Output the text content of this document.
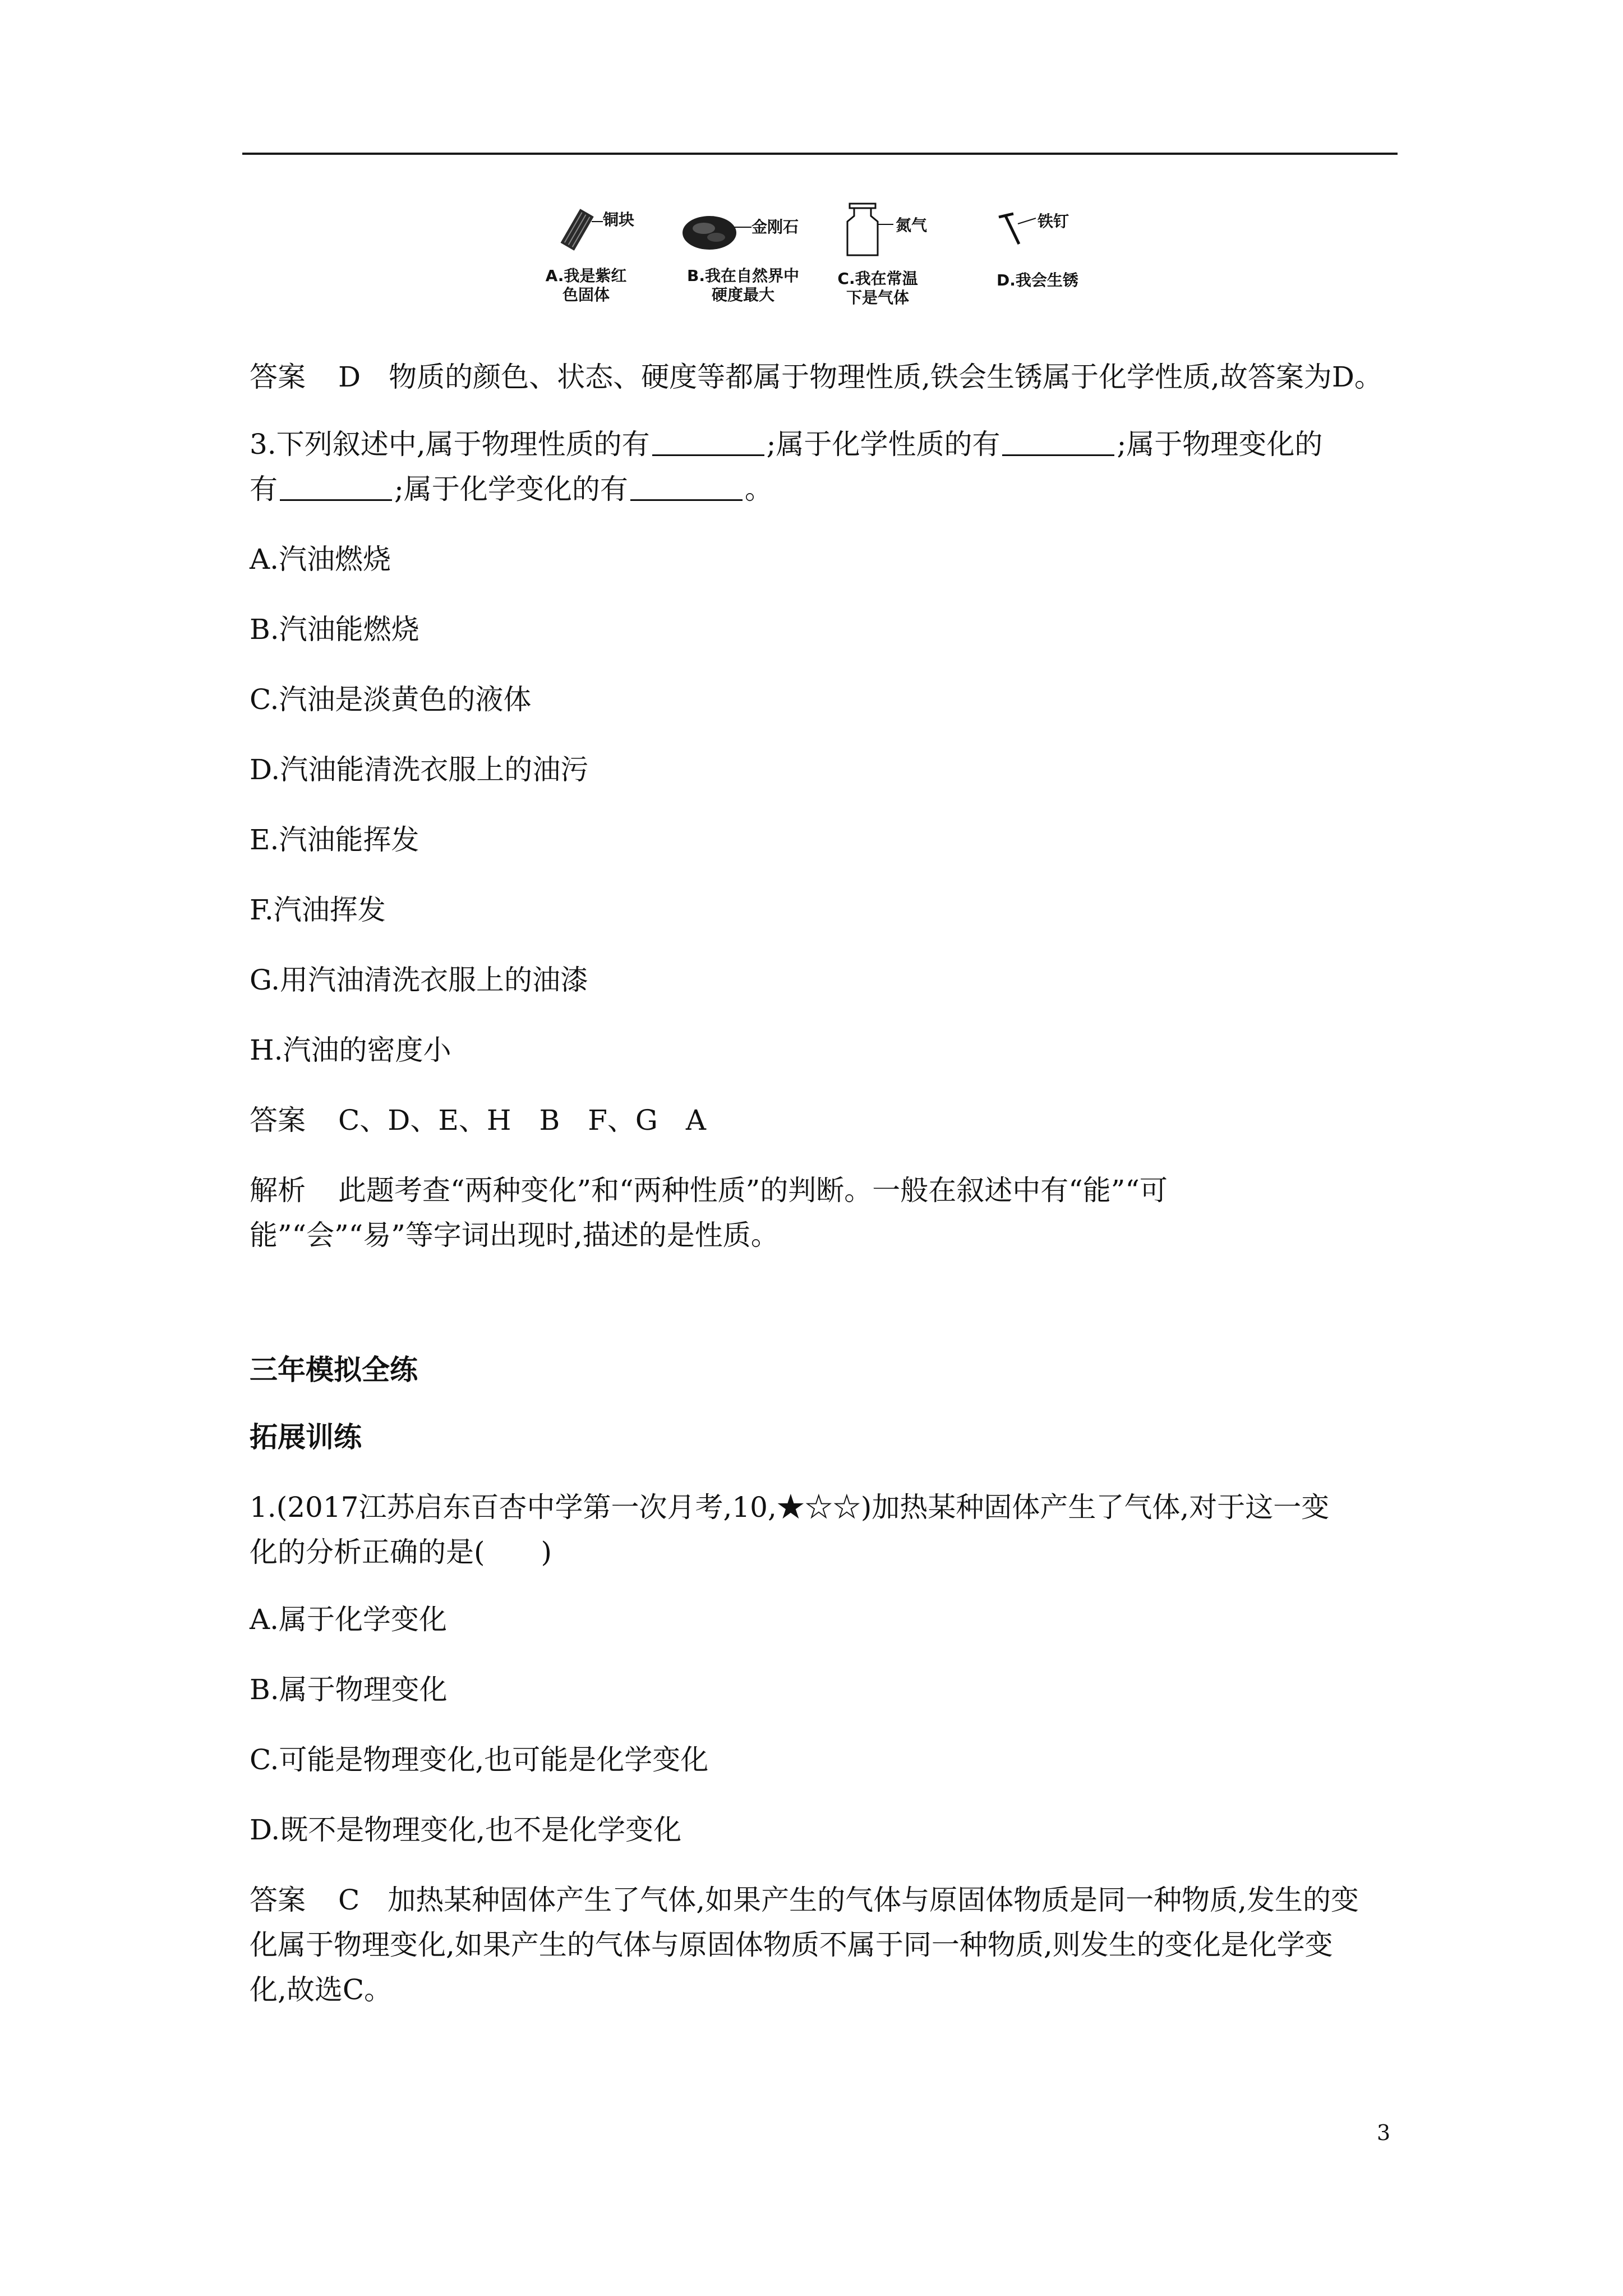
铜块
A.我是紫红
色固体
金刚石
B.我在自然界中
硬度最大
氮气
C.我在常温
下是气体
铁钉
D.我会生锈
答案 D　物质的颜色、状态、硬度等都属于物理性质,铁会生锈属于化学性质,故答案为D。
3.下列叙述中,属于物理性质的有	;属于化学性质的有	;属于物理变化的
有	;属于化学变化的有	。
A.汽油燃烧
B.汽油能燃烧
C.汽油是淡黄色的液体
D.汽油能清洗衣服上的油污
E.汽油能挥发
F.汽油挥发
G.用汽油清洗衣服上的油漆
H.汽油的密度小
答案 C、D、E、H　B　F、G　A
解析 此题考查“两种变化”和“两种性质”的判断。一般在叙述中有“能”“可
能”“会”“易”等字词出现时,描述的是性质。
三年模拟全练
拓展训练
1.(2017江苏启东百杏中学第一次月考,10,★☆☆)加热某种固体产生了气体,对于这一变
化的分析正确的是(　　)
A.属于化学变化
B.属于物理变化
C.可能是物理变化,也可能是化学变化
D.既不是物理变化,也不是化学变化
答案 C　加热某种固体产生了气体,如果产生的气体与原固体物质是同一种物质,发生的变
化属于物理变化,如果产生的气体与原固体物质不属于同一种物质,则发生的变化是化学变
化,故选C。
3
